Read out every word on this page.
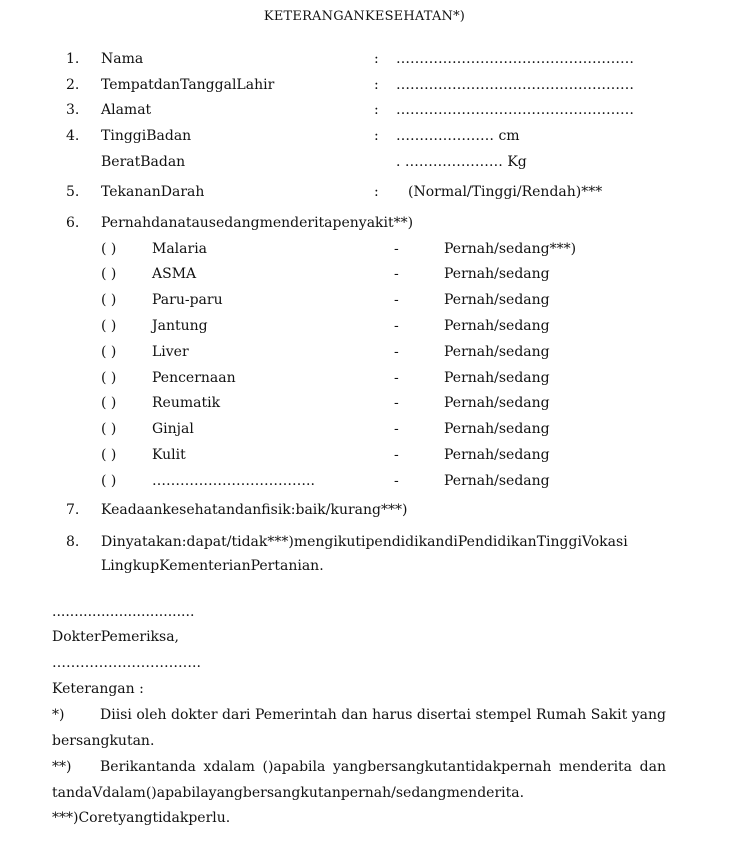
KETERANGANKESEHATAN*)
1. Nama	: ……………………………………………
2. TempatdanTanggalLahir	: ……………………………………………
3. Alamat	: ……………………………………………
4. TinggiBadan	: ………………… cm
BeratBadan	. ………………… Kg
5. TekananDarah	: (Normal/Tinggi/Rendah)***
6. Pernahdanatausedangmenderitapenyakit**)
( )	Malaria	-	Pernah/sedang***)
( )	ASMA	-	Pernah/sedang
( )	Paru-paru	-	Pernah/sedang
( )	Jantung	-	Pernah/sedang
( )	Liver	-	Pernah/sedang
( )	Pencernaan	-	Pernah/sedang
( )	Reumatik	-	Pernah/sedang
( )	Ginjal	-	Pernah/sedang
( )	Kulit	-	Pernah/sedang
( )	……………………………..	-	Pernah/sedang
7. Keadaankesehatandanfisik:baik/kurang***)
8. Dinyatakan:dapat/tidak***)mengikutipendidikandiPendidikanTinggiVokasi
LingkupKementerianPertanian.
................................
DokterPemeriksa,
…………………………..
Keterangan :
*)	Diisi oleh dokter dari Pemerintah dan harus disertai stempel Rumah Sakit yang bersangkutan.
**) Berikantanda xdalam ()apabila yangbersangkutantidakpernah menderita dan tandaVdalam()apabilayangbersangkutanpernah/sedangmenderita.
***)Coretyangtidakperlu.
